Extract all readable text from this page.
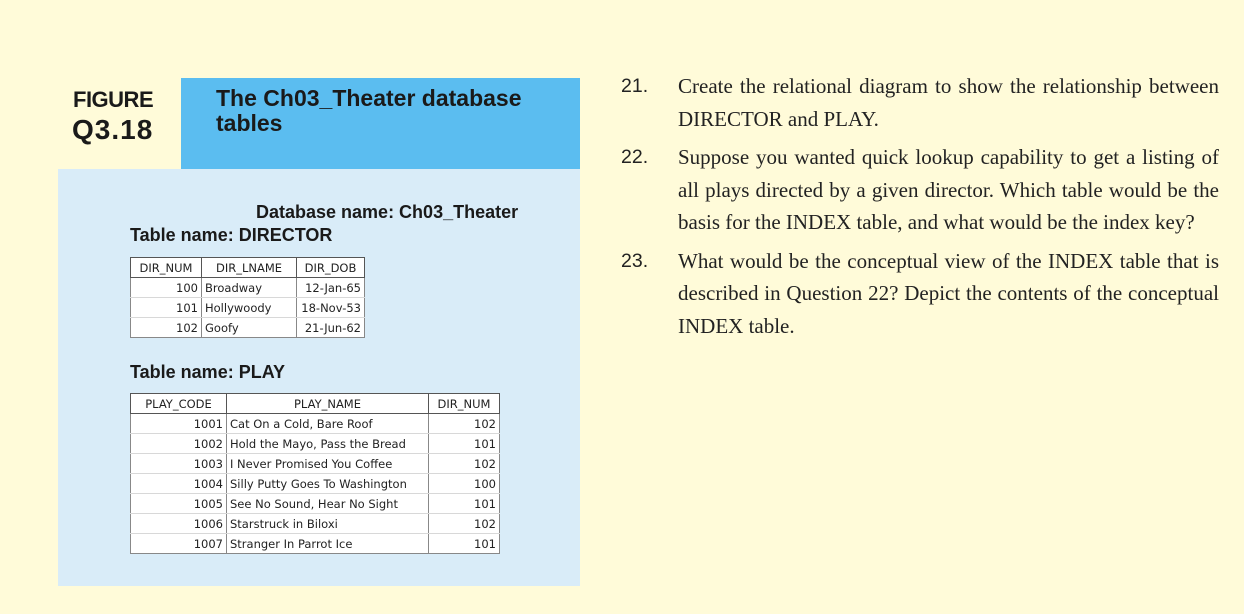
FIGURE
Q3.18
The Ch03_Theater database tables
Database name: Ch03_Theater
Table name: DIRECTOR
DIR_NUM	DIR_LNAME	DIR_DOB
100	Broadway	12-Jan-65
101	Hollywoody	18-Nov-53
102	Goofy	21-Jun-62
Table name: PLAY
PLAY_CODE	PLAY_NAME	DIR_NUM
1001	Cat On a Cold, Bare Roof	102
1002	Hold the Mayo, Pass the Bread	101
1003	I Never Promised You Coffee	102
1004	Silly Putty Goes To Washington	100
1005	See No Sound, Hear No Sight	101
1006	Starstruck in Biloxi	102
1007	Stranger In Parrot Ice	101
21.	Create the relational diagram to show the relationship between DIRECTOR and PLAY.
22.	Suppose you wanted quick lookup capability to get a listing of all plays directed by a given director. Which table would be the basis for the INDEX table, and what would be the index key?
23.	What would be the conceptual view of the INDEX table that is described in Question 22? Depict the contents of the conceptual INDEX table.
